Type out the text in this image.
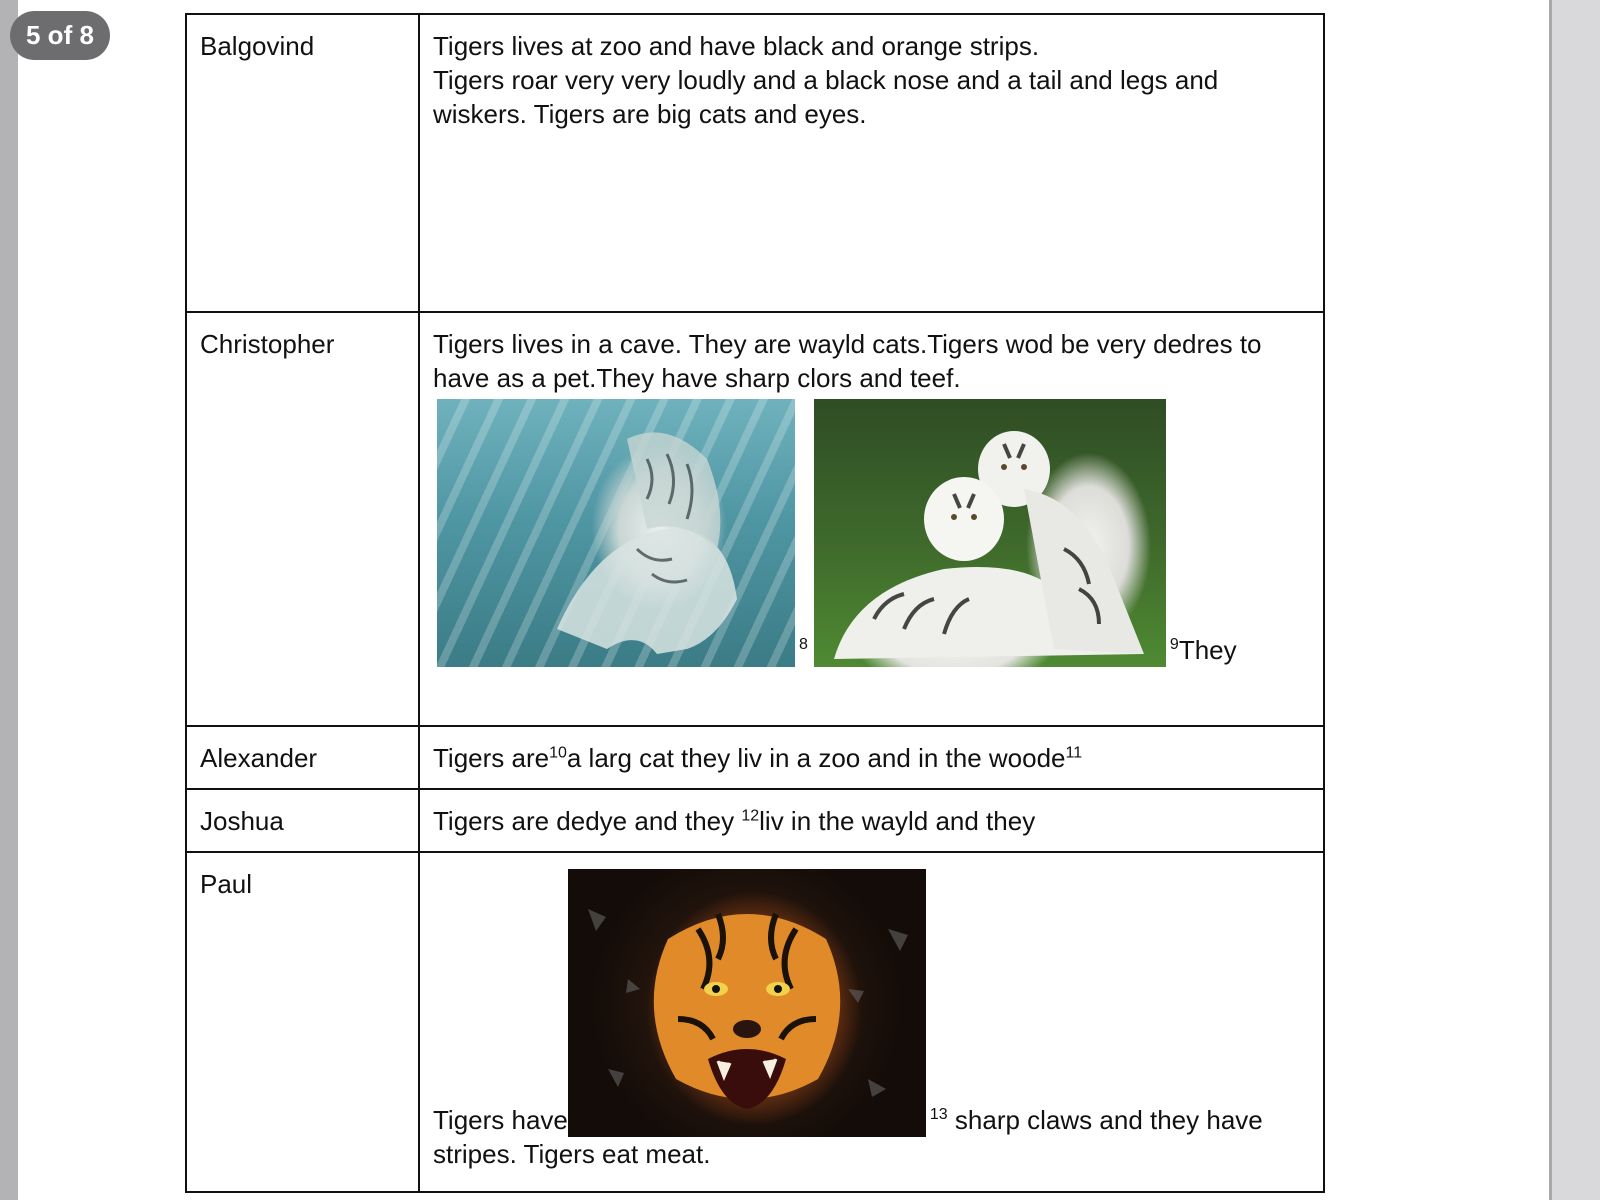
5 of 8	Balgovind	Tigers lives at zoo and have black and orange strips.
Tigers roar very very loudly and a black nose and a tail and legs and wiskers. Tigers are big cats and eyes.

Christopher	Tigers lives in a cave. They are wayld cats.Tigers wod be very dedres to have as a pet.They have sharp clors and teef.
$^8$ $^9$They

Alexander	Tigers are$^{10}$a larg cat they liv in a zoo and in the woode$^{11}$
Joshua	Tigers are dedye and they $^{12}$liv in the wayld and they
Paul	Tigers have $^{13}$ sharp claws and they have stripes. Tigers eat meat.
